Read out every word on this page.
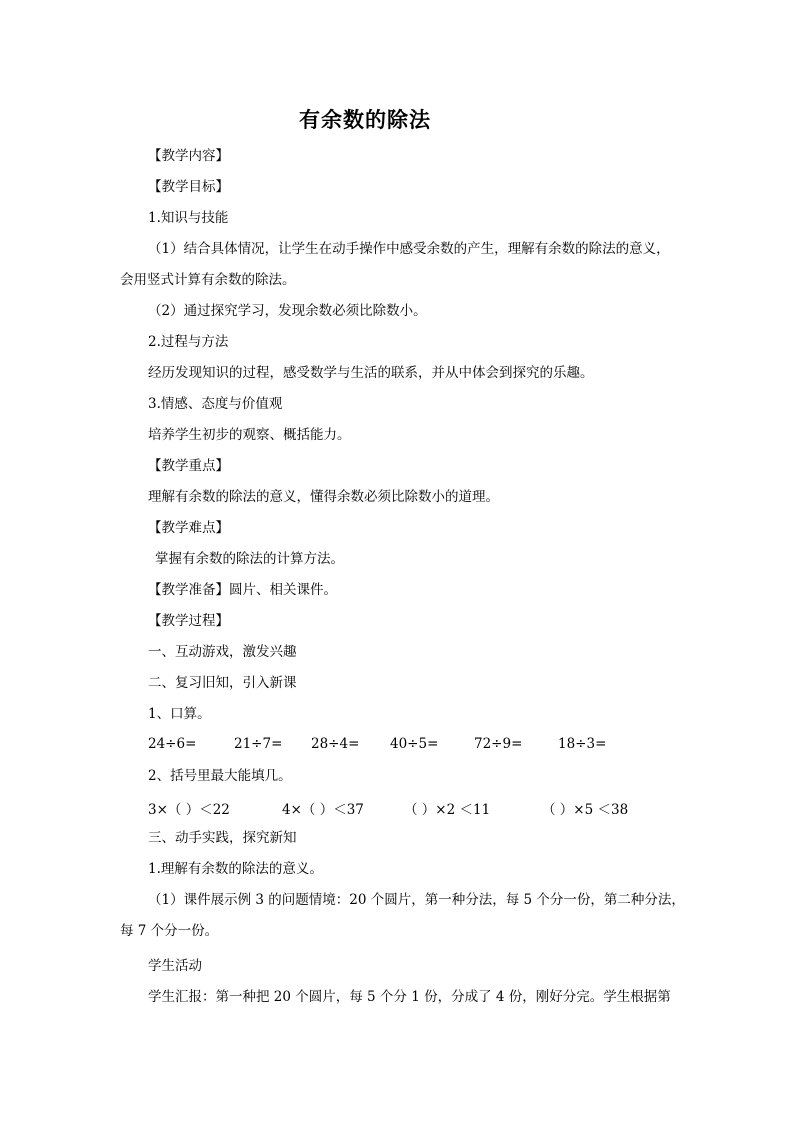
有余数的除法
【教学内容】
【教学目标】
1.知识与技能
（1）结合具体情况，让学生在动手操作中感受余数的产生，理解有余数的除法的意义，
会用竖式计算有余数的除法。
（2）通过探究学习，发现余数必须比除数小。
2.过程与方法
经历发现知识的过程，感受数学与生活的联系，并从中体会到探究的乐趣。
3.情感、态度与价值观
培养学生初步的观察、概括能力。
【教学重点】
理解有余数的除法的意义，懂得余数必须比除数小的道理。
【教学难点】
掌握有余数的除法的计算方法。
【教学准备】圆片、相关课件。
【教学过程】
一、互动游戏，激发兴趣
二、复习旧知，引入新课
1、口算。
24÷6=	21÷7= 28÷4= 40÷5=	72÷9=	18÷3=
2、括号里最大能填几。
3×（ ）＜22	4×（ ）＜37	（ ）×2 ＜11	（ ）×5 ＜38
三、动手实践，探究新知
1.理解有余数的除法的意义。
（1）课件展示例 3 的问题情境：20 个圆片，第一种分法，每 5 个分一份，第二种分法，
每 7 个分一份。
学生活动
学生汇报：第一种把 20 个圆片，每 5 个分 1 份，分成了 4 份，刚好分完。学生根据第
